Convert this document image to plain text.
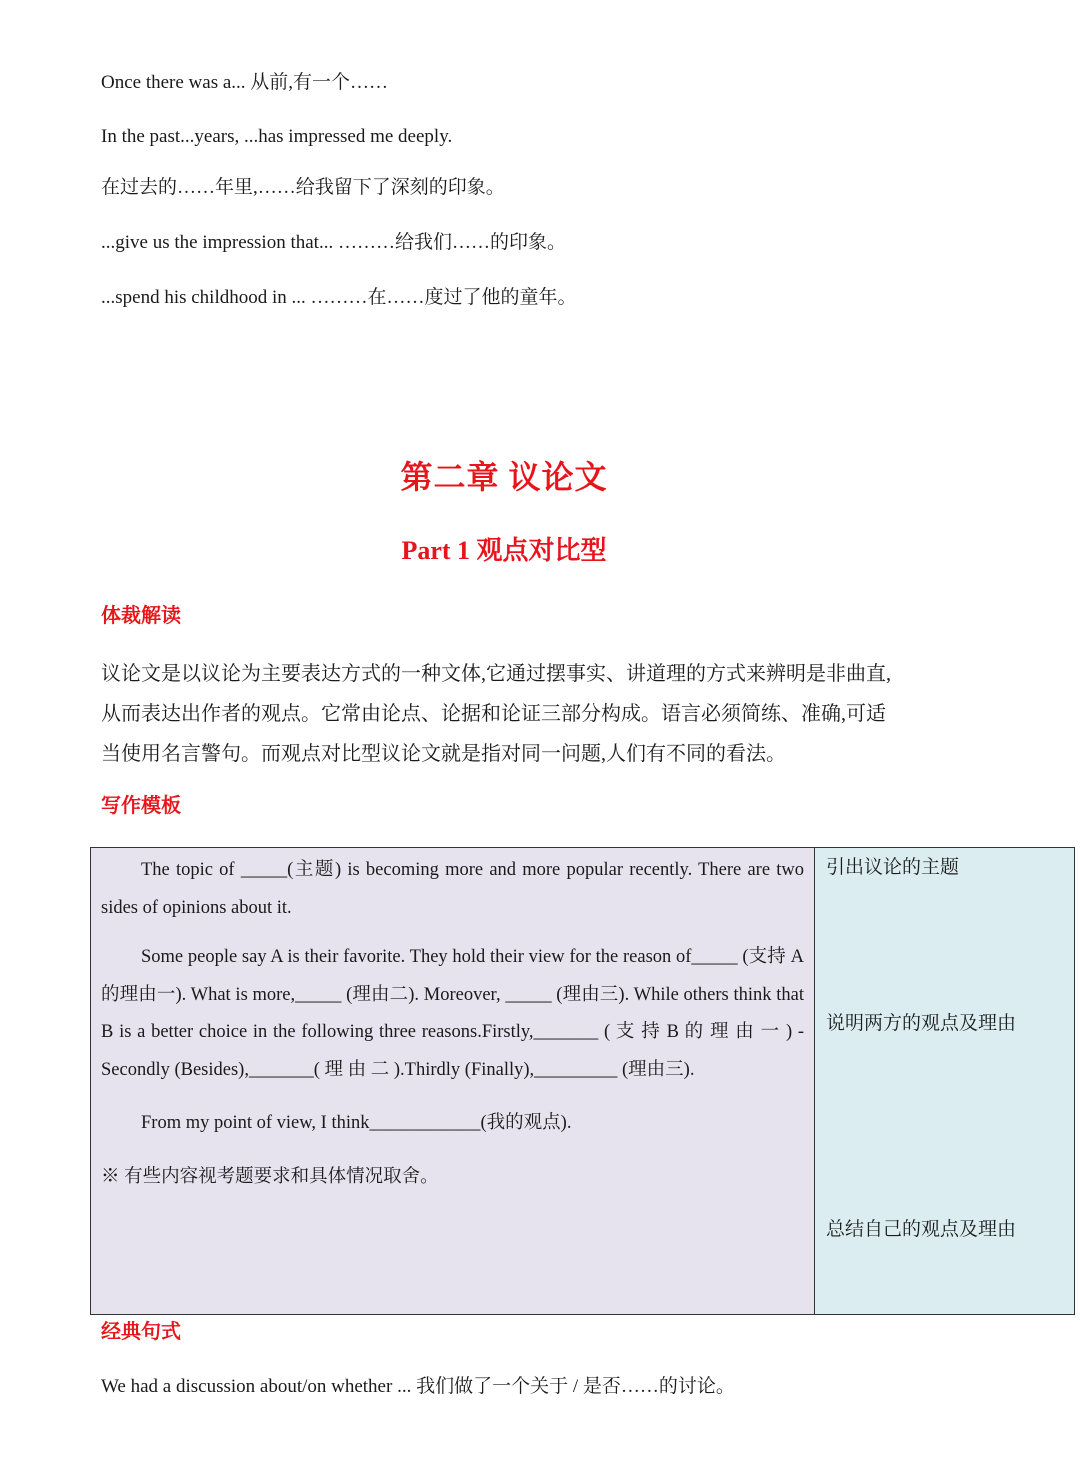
Once there was a... 从前,有一个……
In the past...years, ...has impressed me deeply.
在过去的……年里,……给我留下了深刻的印象。
...give us the impression that... ………给我们……的印象。
...spend his childhood in ... ………在……度过了他的童年。
第二章 议论文
Part 1 观点对比型
体裁解读

议论文是以议论为主要表达方式的一种文体,它通过摆事实、讲道理的方式来辨明是非曲直,

从而表达出作者的观点。它常由论点、论据和论证三部分构成。语言必须简练、准确,可适

当使用名言警句。而观点对比型议论文就是指对同一问题,人们有不同的看法。

写作模板

The topic of _____(主题) is becoming more and more popular recently. There are two sides of opinions about it.

Some people say A is their favorite. They hold their view for the reason of_____ (支持 A 的理由一). What is more,_____ (理由二). Moreover, _____ (理由三). While others think that B is a better choice in the following three reasons.Firstly,_______ ( 支 持 B 的 理 由 一 ) - Secondly (Besides),_______( 理 由 二 ).Thirdly (Finally),_________ (理由三).

From my point of view, I think____________(我的观点).

※ 有些内容视考题要求和具体情况取舍。

引出议论的主题
说明两方的观点及理由
总结自己的观点及理由
经典句式
We had a discussion about/on whether ... 我们做了一个关于 / 是否……的讨论。
